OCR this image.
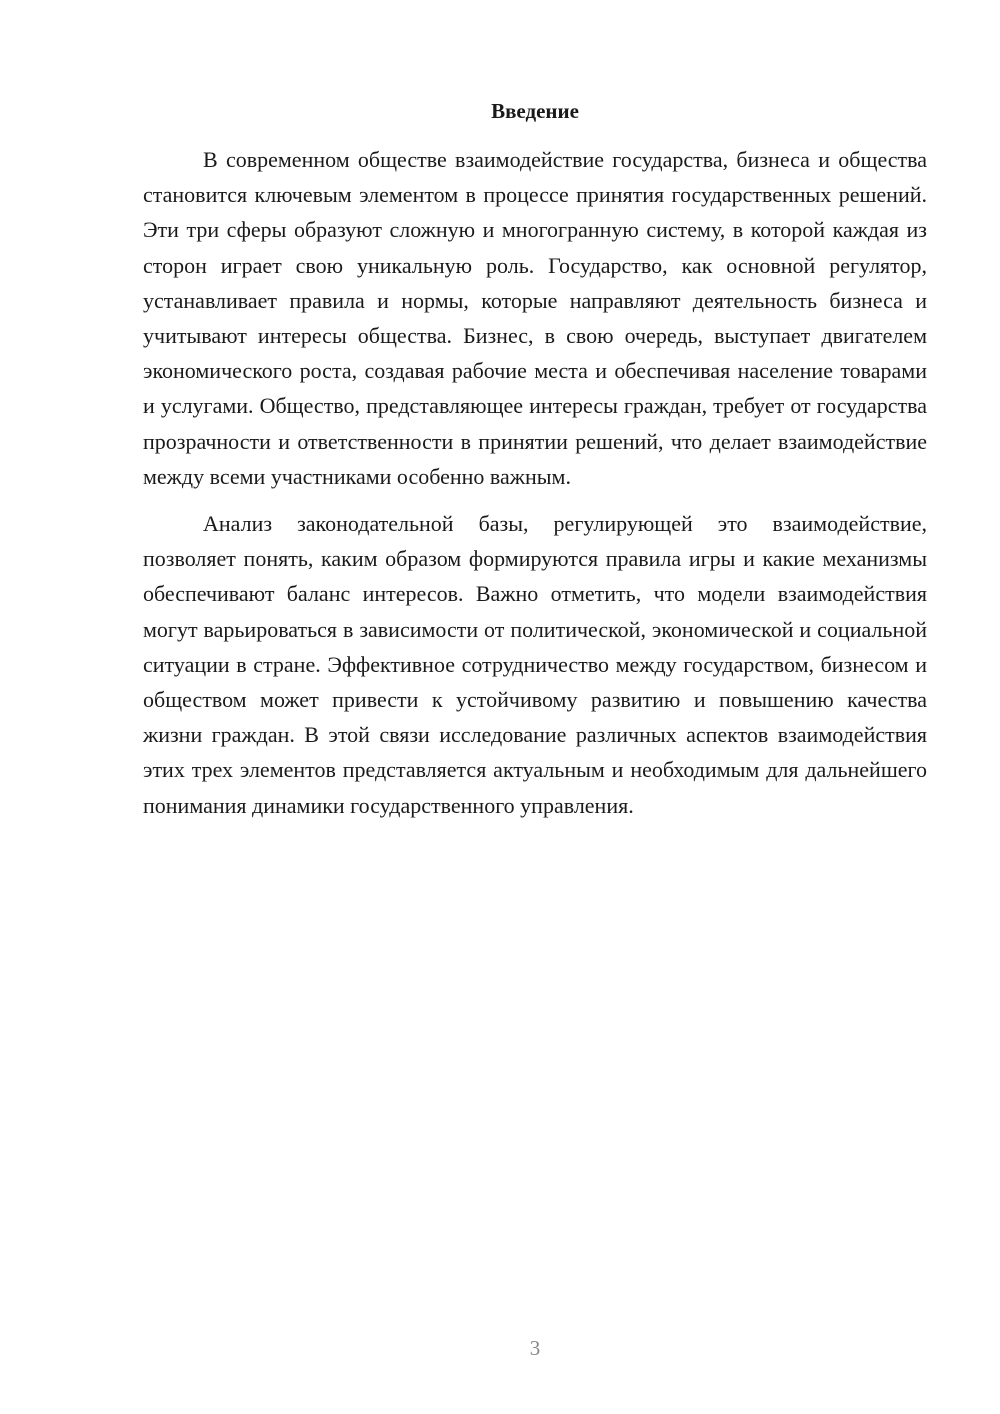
Введение

В современном обществе взаимодействие государства, бизнеса и общества становится ключевым элементом в процессе принятия государственных решений. Эти три сферы образуют сложную и многогранную систему, в которой каждая из сторон играет свою уникальную роль. Государство, как основной регулятор, устанавливает правила и нормы, которые направляют деятельность бизнеса и учитывают интересы общества. Бизнес, в свою очередь, выступает двигателем экономического роста, создавая рабочие места и обеспечивая население товарами и услугами. Общество, представляющее интересы граждан, требует от государства прозрачности и ответственности в принятии решений, что делает взаимодействие между всеми участниками особенно важным.

Анализ законодательной базы, регулирующей это взаимодействие, позволяет понять, каким образом формируются правила игры и какие механизмы обеспечивают баланс интересов. Важно отметить, что модели взаимодействия могут варьироваться в зависимости от политической, экономической и социальной ситуации в стране. Эффективное сотрудничество между государством, бизнесом и обществом может привести к устойчивому развитию и повышению качества жизни граждан. В этой связи исследование различных аспектов взаимодействия этих трех элементов представляется актуальным и необходимым для дальнейшего понимания динамики государственного управления.

3
